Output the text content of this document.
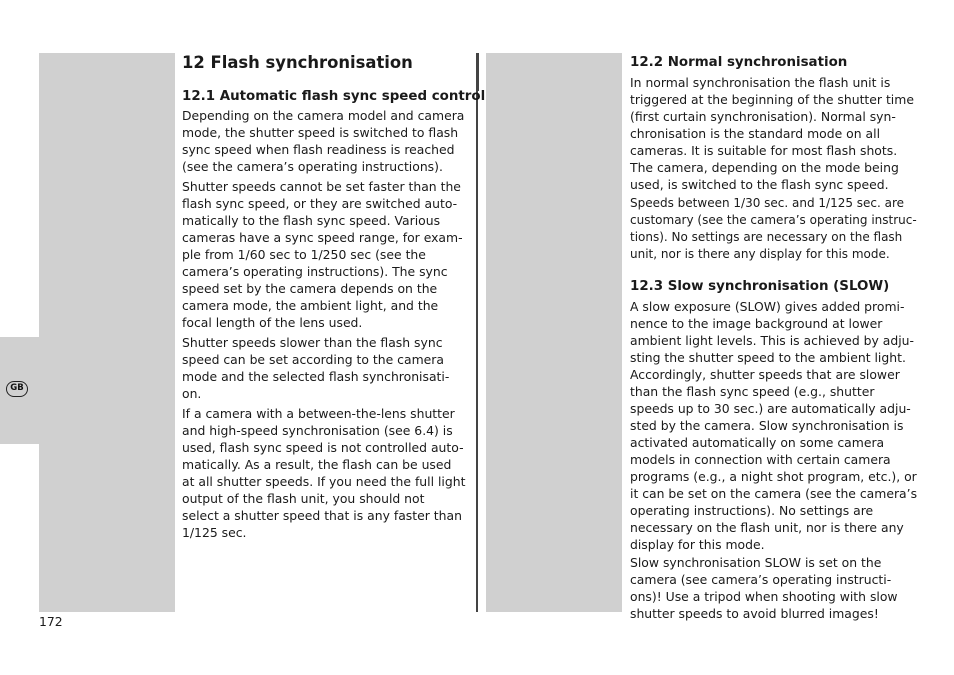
GB
12 Flash synchronisation
12.1 Automatic flash sync speed control

Depending on the camera model and camera
mode, the shutter speed is switched to flash
sync speed when flash readiness is reached
(see the camera’s operating instructions).

Shutter speeds cannot be set faster than the
flash sync speed, or they are switched auto-
matically to the flash sync speed. Various
cameras have a sync speed range, for exam-
ple from 1/60 sec to 1/250 sec (see the
camera’s operating instructions). The sync
speed set by the camera depends on the
camera mode, the ambient light, and the
focal length of the lens used.

Shutter speeds slower than the flash sync
speed can be set according to the camera
mode and the selected flash synchronisati-
on.

If a camera with a between-the-lens shutter
and high-speed synchronisation (see 6.4) is
used, flash sync speed is not controlled auto-
matically. As a result, the flash can be used
at all shutter speeds. If you need the full light
output of the flash unit, you should not
select a shutter speed that is any faster than
1/125 sec.

12.2 Normal synchronisation

In normal synchronisation the flash unit is
triggered at the beginning of the shutter time
(first curtain synchronisation). Normal syn-
chronisation is the standard mode on all
cameras. It is suitable for most flash shots.
The camera, depending on the mode being
used, is switched to the flash sync speed.

Speeds between 1/30 sec. and 1/125 sec. are
customary (see the camera’s operating instruc-
tions). No settings are necessary on the flash
unit, nor is there any display for this mode.

12.3 Slow synchronisation (SLOW)

A slow exposure (SLOW) gives added promi-
nence to the image background at lower
ambient light levels. This is achieved by adju-
sting the shutter speed to the ambient light.
Accordingly, shutter speeds that are slower
than the flash sync speed (e.g., shutter
speeds up to 30 sec.) are automatically adju-
sted by the camera. Slow synchronisation is
activated automatically on some camera
models in connection with certain camera
programs (e.g., a night shot program, etc.), or
it can be set on the camera (see the camera’s
operating instructions). No settings are
necessary on the flash unit, nor is there any
display for this mode.

Slow synchronisation SLOW is set on the
camera (see camera’s operating instructi-
ons)! Use a tripod when shooting with slow
shutter speeds to avoid blurred images!

172
